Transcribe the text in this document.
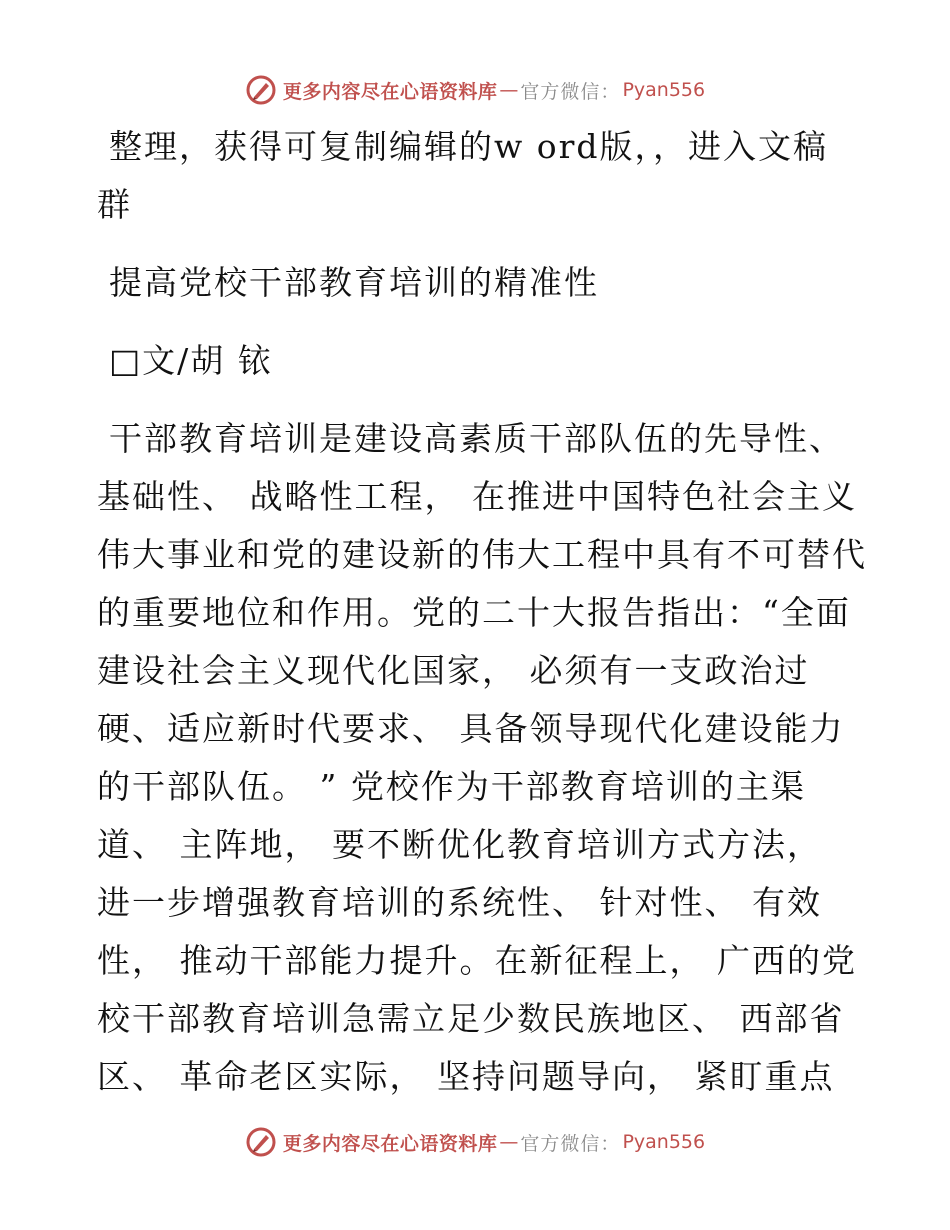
更多内容尽在心语资料库 — 官方微信： Pyan556
整理，获得可复制编辑的w ord版，，进入文稿
群
提高党校干部教育培训的精准性
□文/胡 铱
干部教育培训是建设高素质干部队伍的先导性、
基础性、 战略性工程， 在推进中国特色社会主义
伟大事业和党的建设新的伟大工程中具有不可替代
的重要地位和作用。党的二十大报告指出：“全面
建设社会主义现代化国家， 必须有一支政治过
硬、适应新时代要求、 具备领导现代化建设能力
的干部队伍。 ” 党校作为干部教育培训的主渠
道、 主阵地， 要不断优化教育培训方式方法，
进一步增强教育培训的系统性、 针对性、 有效
性， 推动干部能力提升。在新征程上， 广西的党
校干部教育培训急需立足少数民族地区、 西部省
区、 革命老区实际， 坚持问题导向， 紧盯重点
更多内容尽在心语资料库 — 官方微信： Pyan556
